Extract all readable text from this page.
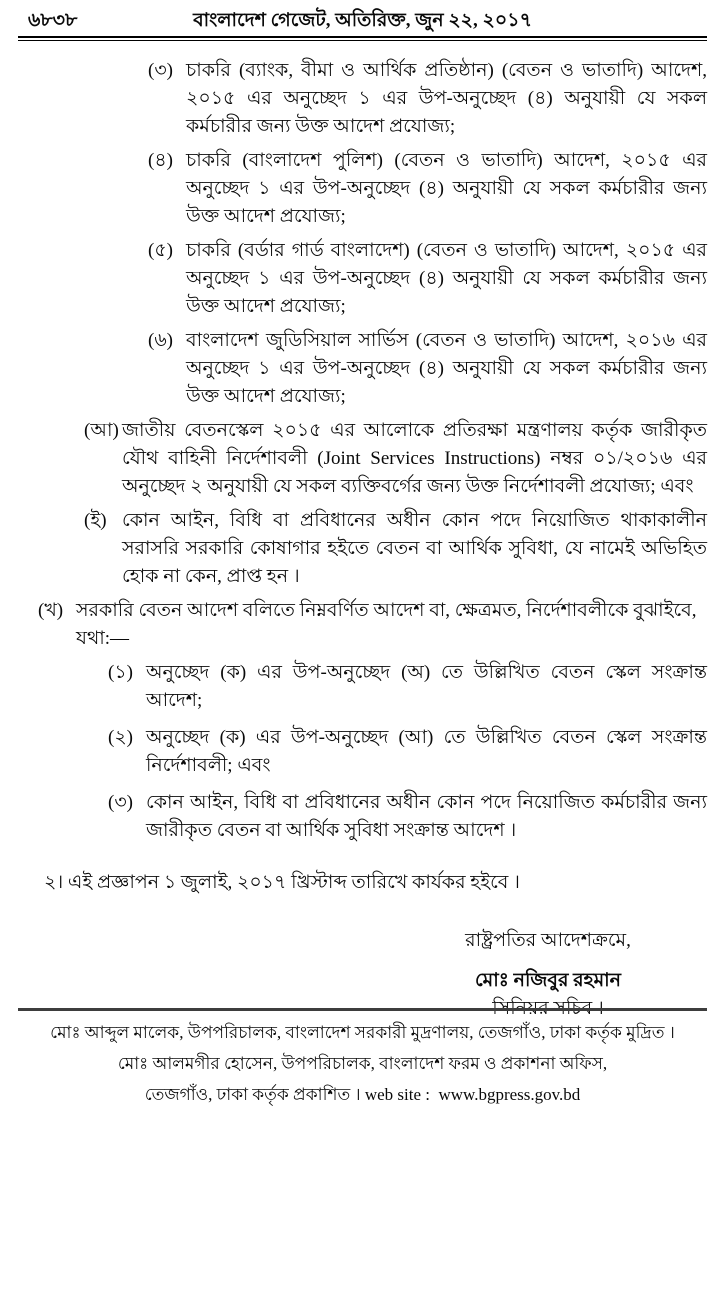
৬৮৩৮	বাংলাদেশ গেজেট, অতিরিক্ত, জুন ২২, ২০১৭
(৩) চাকরি (ব্যাংক, বীমা ও আর্থিক প্রতিষ্ঠান) (বেতন ও ভাতাদি) আদেশ, ২০১৫ এর অনুচ্ছেদ ১ এর উপ-অনুচ্ছেদ (৪) অনুযায়ী যে সকল কর্মচারীর জন্য উক্ত আদেশ প্রযোজ্য;
(৪) চাকরি (বাংলাদেশ পুলিশ) (বেতন ও ভাতাদি) আদেশ, ২০১৫ এর অনুচ্ছেদ ১ এর উপ-অনুচ্ছেদ (৪) অনুযায়ী যে সকল কর্মচারীর জন্য উক্ত আদেশ প্রযোজ্য;
(৫) চাকরি (বর্ডার গার্ড বাংলাদেশ) (বেতন ও ভাতাদি) আদেশ, ২০১৫ এর অনুচ্ছেদ ১ এর উপ-অনুচ্ছেদ (৪) অনুযায়ী যে সকল কর্মচারীর জন্য উক্ত আদেশ প্রযোজ্য;
(৬) বাংলাদেশ জুডিসিয়াল সার্ভিস (বেতন ও ভাতাদি) আদেশ, ২০১৬ এর অনুচ্ছেদ ১ এর উপ-অনুচ্ছেদ (৪) অনুযায়ী যে সকল কর্মচারীর জন্য উক্ত আদেশ প্রযোজ্য;
(আ) জাতীয় বেতনস্কেল ২০১৫ এর আলোকে প্রতিরক্ষা মন্ত্রণালয় কর্তৃক জারীকৃত যৌথ বাহিনী নির্দেশাবলী (Joint Services Instructions) নম্বর ০১/২০১৬ এর অনুচ্ছেদ ২ অনুযায়ী যে সকল ব্যক্তিবর্গের জন্য উক্ত নির্দেশাবলী প্রযোজ্য; এবং
(ই) কোন আইন, বিধি বা প্রবিধানের অধীন কোন পদে নিয়োজিত থাকাকালীন সরাসরি সরকারি কোষাগার হইতে বেতন বা আর্থিক সুবিধা, যে নামেই অভিহিত হোক না কেন, প্রাপ্ত হন ।
(খ) সরকারি বেতন আদেশ বলিতে নিম্নবর্ণিত আদেশ বা, ক্ষেত্রমত, নির্দেশাবলীকে বুঝাইবে,
যথা:—
(১) অনুচ্ছেদ (ক) এর উপ-অনুচ্ছেদ (অ) তে উল্লিখিত বেতন স্কেল সংক্রান্ত আদেশ;
(২) অনুচ্ছেদ (ক) এর উপ-অনুচ্ছেদ (আ) তে উল্লিখিত বেতন স্কেল সংক্রান্ত নির্দেশাবলী; এবং
(৩) কোন আইন, বিধি বা প্রবিধানের অধীন কোন পদে নিয়োজিত কর্মচারীর জন্য জারীকৃত বেতন বা আর্থিক সুবিধা সংক্রান্ত আদেশ ।

২। এই প্রজ্ঞাপন ১ জুলাই, ২০১৭ খ্রিস্টাব্দ তারিখে কার্যকর হইবে ।

রাষ্ট্রপতির আদেশক্রমে,
মোঃ নজিবুর রহমান
সিনিয়র সচিব ।
মোঃ আব্দুল মালেক, উপপরিচালক, বাংলাদেশ সরকারী মুদ্রণালয়, তেজগাঁও, ঢাকা কর্তৃক মুদ্রিত ।
মোঃ আলমগীর হোসেন, উপপরিচালক, বাংলাদেশ ফরম ও প্রকাশনা অফিস,
তেজগাঁও, ঢাকা কর্তৃক প্রকাশিত । web site : www.bgpress.gov.bd
